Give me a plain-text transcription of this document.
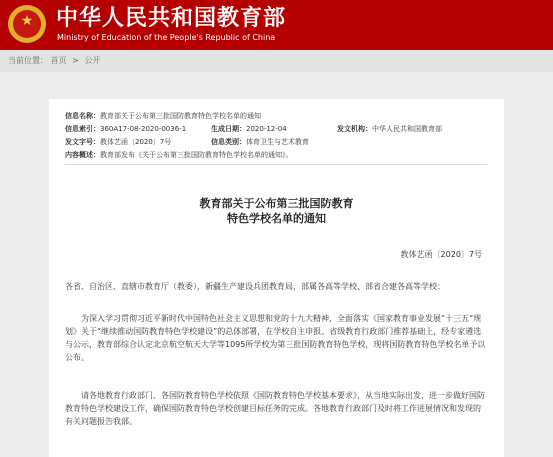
★	中华人民共和国教育部
Ministry of Education of the People's Republic of China
当前位置： 首页 > 公开
信息名称：教育部关于公布第三批国防教育特色学校名单的通知
信息索引：360A17-08-2020-0036-1	生成日期：2020-12-04	发文机构：中华人民共和国教育部
发文字号：教体艺函〔2020〕7号	信息类别：体育卫生与艺术教育
内容概述：教育部发布《关于公布第三批国防教育特色学校名单的通知》。
教育部关于公布第三批国防教育
特色学校名单的通知
教体艺函〔2020〕7号
各省、自治区、直辖市教育厅（教委），新疆生产建设兵团教育局，部属各高等学校、部省合建各高等学校：
为深入学习贯彻习近平新时代中国特色社会主义思想和党的十九大精神，全面落实《国家教育事业发展“十三五”规划》关于“继续推动国防教育特色学校建设”的总体部署，在学校自主申报、省级教育行政部门推荐基础上，经专家遴选与公示，教育部综合认定北京航空航天大学等1095所学校为第三批国防教育特色学校，现将国防教育特色学校名单予以公布。
请各地教育行政部门、各国防教育特色学校依照《国防教育特色学校基本要求》，从当地实际出发，进一步做好国防教育特色学校建设工作，确保国防教育特色学校创建目标任务的完成。各地教育行政部门及时将工作进展情况和发现的有关问题报告我部。
